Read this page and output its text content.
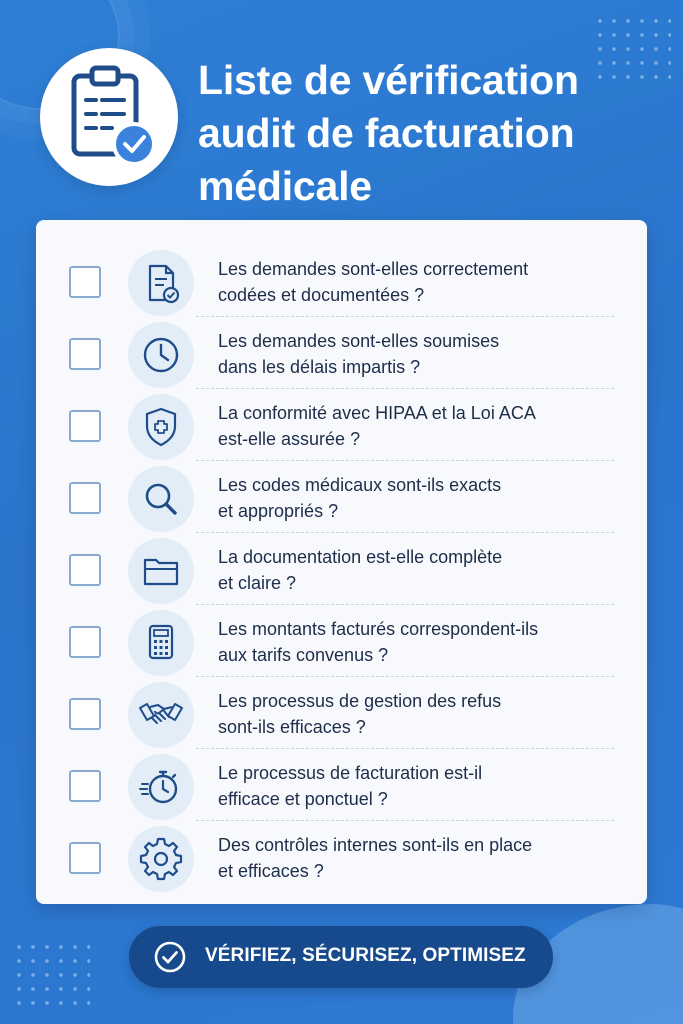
Liste de vérification
audit de facturation
médicale
Les demandes sont-elles correctement
codées et documentées ?
Les demandes sont-elles soumises
dans les délais impartis ?
La conformité avec HIPAA et la Loi ACA
est-elle assurée ?
Les codes médicaux sont-ils exacts
et appropriés ?
La documentation est-elle complète
et claire ?
Les montants facturés correspondent-ils
aux tarifs convenus ?
Les processus de gestion des refus
sont-ils efficaces ?
Le processus de facturation est-il
efficace et ponctuel ?
Des contrôles internes sont-ils en place
et efficaces ?
VÉRIFIEZ, SÉCURISEZ, OPTIMISEZ
